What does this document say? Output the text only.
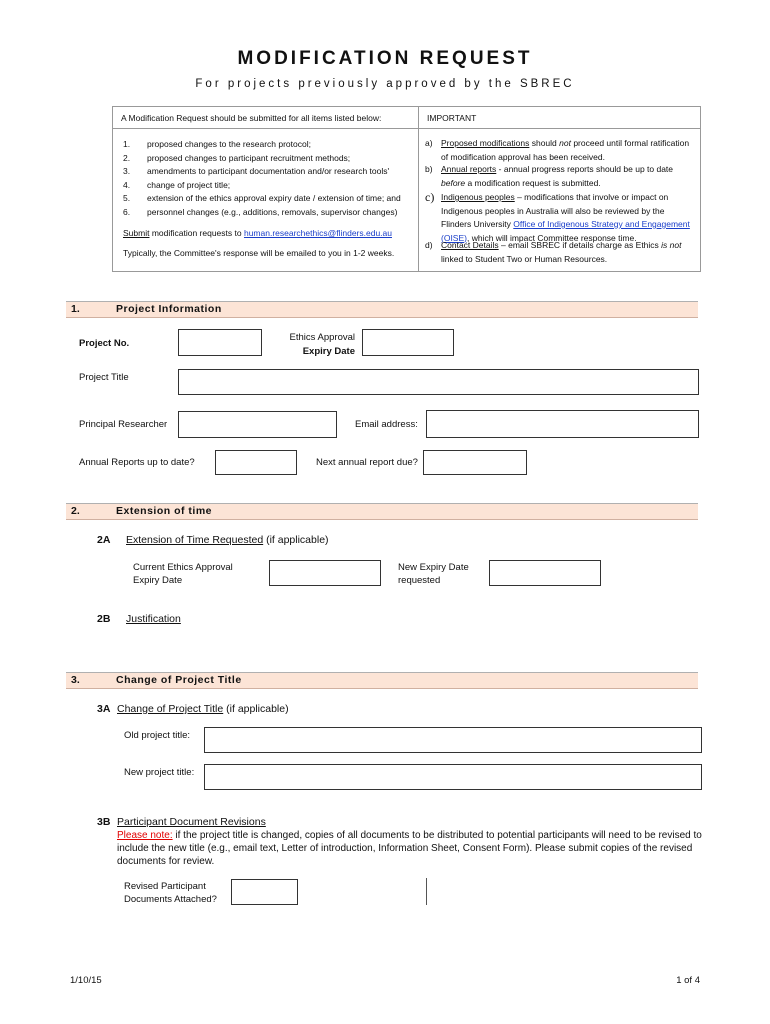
MODIFICATION REQUEST
For projects previously approved by the SBREC
A Modification Request should be submitted for all items listed below:	IMPORTANT
1. proposed changes to the research protocol;
2. proposed changes to participant recruitment methods;
3. amendments to participant documentation and/or research tools'
4. change of project title;
5. extension of the ethics approval expiry date / extension of time; and
6. personnel changes (e.g., additions, removals, supervisor changes)
Submit modification requests to human.researchethics@flinders.edu.au
Typically, the Committee's response will be emailed to you in 1-2 weeks.
a) Proposed modifications should not proceed until formal ratification of modification approval has been received.
b) Annual reports - annual progress reports should be up to date before a modification request is submitted.
c) Indigenous peoples – modifications that involve or impact on Indigenous peoples in Australia will also be reviewed by the Flinders University Office of Indigenous Strategy and Engagement (OISE), which will impact Committee response time.
d) Contact Details – email SBREC if details charge as Ethics is not linked to Student Two or Human Resources.
1.	Project Information
Project No.
Ethics Approval
Expiry Date
Project Title
Principal Researcher	Email address:
Annual Reports up to date?	Next annual report due?
2.	Extension of time
2A Extension of Time Requested (if applicable)
Current Ethics Approval
Expiry Date
New Expiry Date
requested
2B Justification
3.	Change of Project Title
3A Change of Project Title (if applicable)
Old project title:
New project title:
3B Participant Document Revisions
Please note: if the project title is changed, copies of all documents to be distributed to potential participants will need to be revised to include the new title (e.g., email text, Letter of introduction, Information Sheet, Consent Form). Please submit copies of the revised documents for review.
Revised Participant
Documents Attached?
1/10/15	1 of 4
